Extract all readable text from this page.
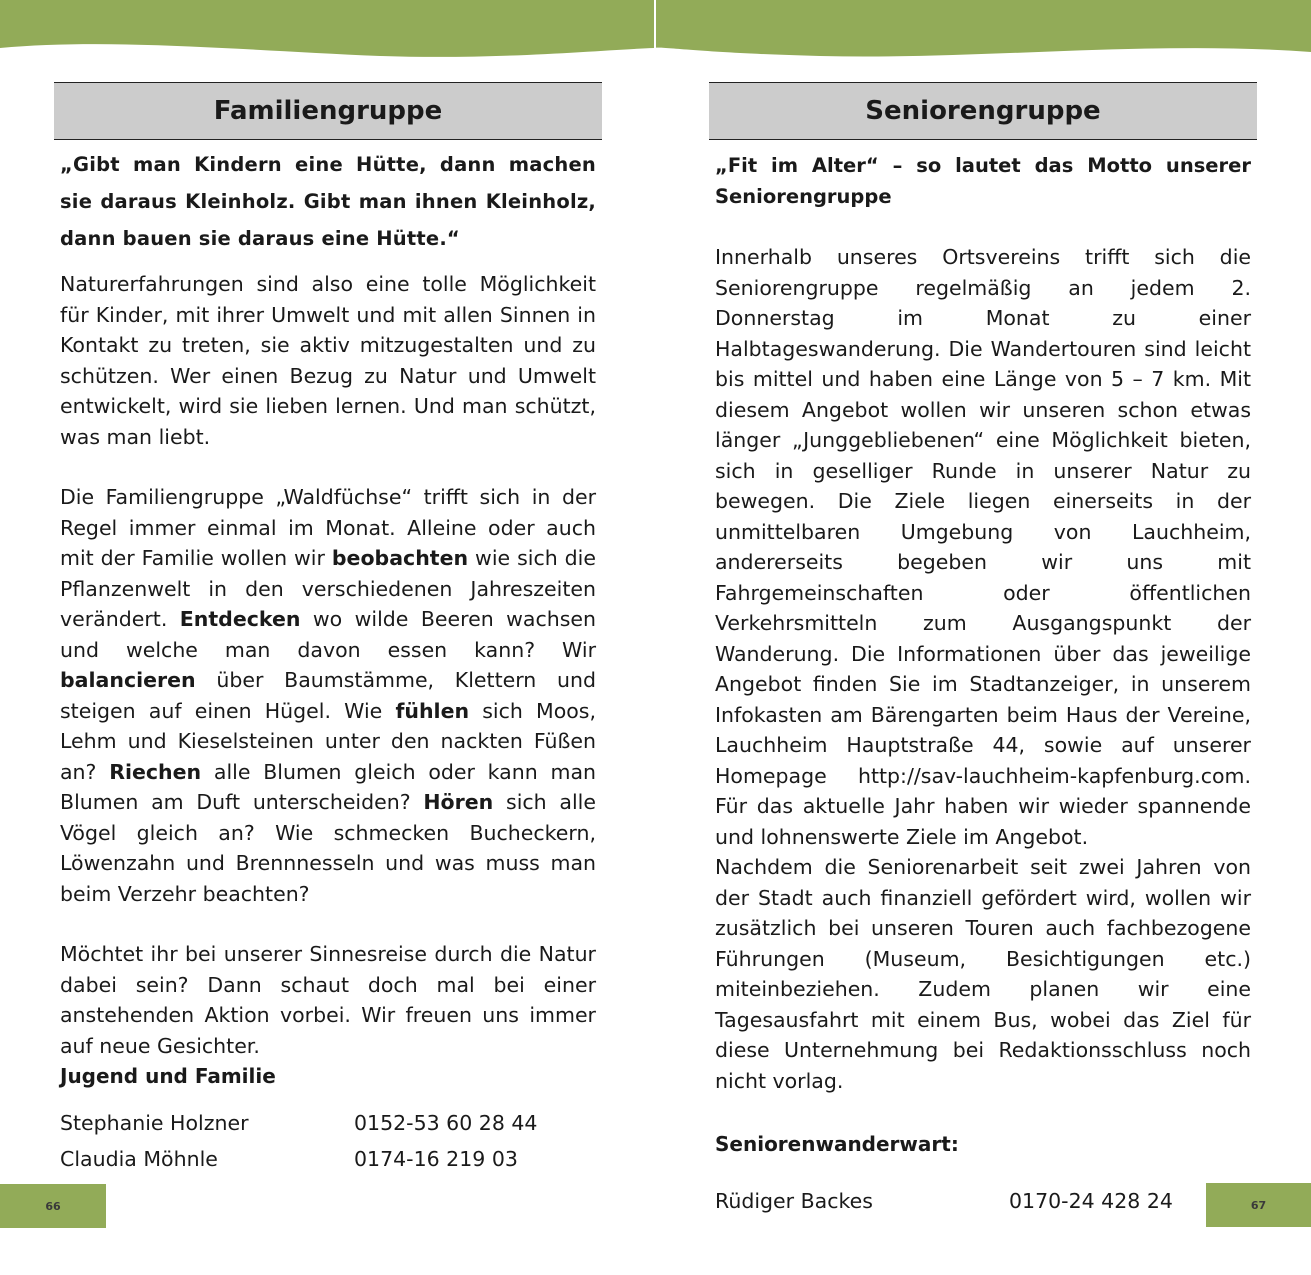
Familiengruppe
„Gibt man Kindern eine Hütte, dann machen sie daraus Kleinholz. Gibt man ihnen Kleinholz, dann bauen sie daraus eine Hütte.“
Naturerfahrungen sind also eine tolle Möglichkeit für Kinder, mit ihrer Umwelt und mit allen Sinnen in Kontakt zu treten, sie aktiv mitzugestalten und zu schützen. Wer einen Bezug zu Natur und Umwelt entwickelt, wird sie lieben lernen. Und man schützt, was man liebt.
Die Familiengruppe „Waldfüchse“ trifft sich in der Regel immer einmal im Monat. Alleine oder auch mit der Familie wollen wir beobachten wie sich die Pflanzenwelt in den verschiedenen Jahreszeiten verändert. Entdecken wo wilde Beeren wachsen und welche man davon essen kann? Wir balancieren über Baumstämme, Klettern und steigen auf einen Hügel. Wie fühlen sich Moos, Lehm und Kieselsteinen unter den nackten Füßen an? Riechen alle Blumen gleich oder kann man Blumen am Duft unterscheiden? Hören sich alle Vögel gleich an? Wie schmecken Bucheckern, Löwenzahn und Brennnesseln und was muss man beim Verzehr beachten?
Möchtet ihr bei unserer Sinnesreise durch die Natur dabei sein? Dann schaut doch mal bei einer anstehenden Aktion vorbei. Wir freuen uns immer auf neue Gesichter.
Jugend und Familie
Stephanie Holzner	0152-53 60 28 44
Claudia Möhnle	0174-16 219 03
Seniorengruppe
„Fit im Alter“ – so lautet das Motto unserer Seniorengruppe
Innerhalb unseres Ortsvereins trifft sich die Seniorengruppe regelmäßig an jedem 2. Donnerstag im Monat zu einer Halbtageswanderung. Die Wandertouren sind leicht bis mittel und haben eine Länge von 5 – 7 km. Mit diesem Angebot wollen wir unseren schon etwas länger „Junggebliebenen“ eine Möglichkeit bieten, sich in geselliger Runde in unserer Natur zu bewegen. Die Ziele liegen einerseits in der unmittelbaren Umgebung von Lauchheim, andererseits begeben wir uns mit Fahrgemeinschaften oder öffentlichen Verkehrsmitteln zum Ausgangspunkt der Wanderung. Die Informationen über das jeweilige Angebot finden Sie im Stadtanzeiger, in unserem Infokasten am Bärengarten beim Haus der Vereine, Lauchheim Hauptstraße 44, sowie auf unserer Homepage http://sav-lauchheim-kapfenburg.com. Für das aktuelle Jahr haben wir wieder spannende und lohnenswerte Ziele im Angebot.
Nachdem die Seniorenarbeit seit zwei Jahren von der Stadt auch finanziell gefördert wird, wollen wir zusätzlich bei unseren Touren auch fachbezogene Führungen (Museum, Besichtigungen etc.) miteinbeziehen. Zudem planen wir eine Tagesausfahrt mit einem Bus, wobei das Ziel für diese Unternehmung bei Redaktionsschluss noch nicht vorlag.
Seniorenwanderwart:
Rüdiger Backes	0170-24 428 24
66	67
